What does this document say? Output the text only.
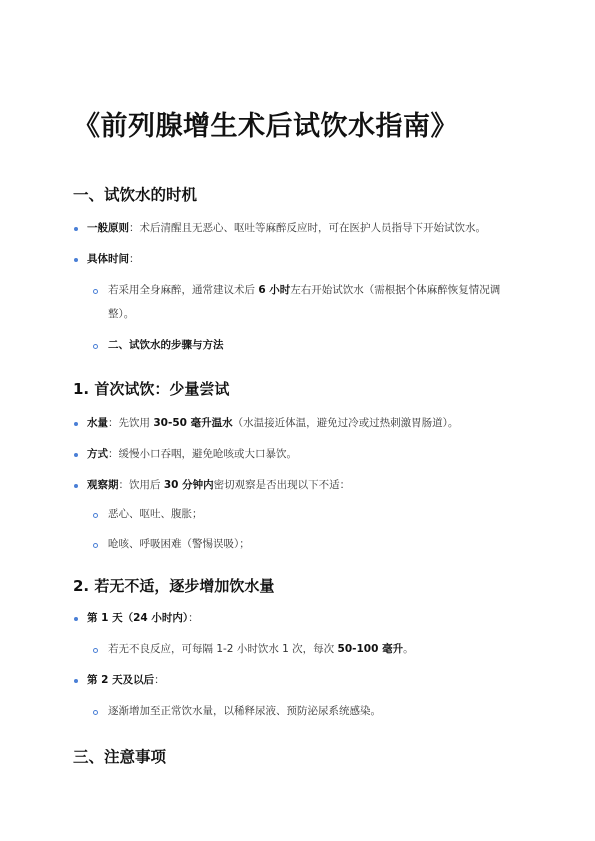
《前列腺增生术后试饮水指南》
一、试饮水的时机
一般原则：术后清醒且无恶心、呕吐等麻醉反应时，可在医护人员指导下开始试饮水。
具体时间：
若采用全身麻醉，通常建议术后 6 小时左右开始试饮水（需根据个体麻醉恢复情况调
整）。
二、试饮水的步骤与方法
1. 首次试饮：少量尝试
水量：先饮用 30-50 毫升温水（水温接近体温，避免过冷或过热刺激胃肠道）。
方式：缓慢小口吞咽，避免呛咳或大口暴饮。
观察期：饮用后 30 分钟内密切观察是否出现以下不适：
恶心、呕吐、腹胀；
呛咳、呼吸困难（警惕误吸）；
2. 若无不适，逐步增加饮水量
第 1 天（24 小时内）：
若无不良反应，可每隔 1-2 小时饮水 1 次，每次 50-100 毫升。
第 2 天及以后：
逐渐增加至正常饮水量，以稀释尿液、预防泌尿系统感染。
三、注意事项
